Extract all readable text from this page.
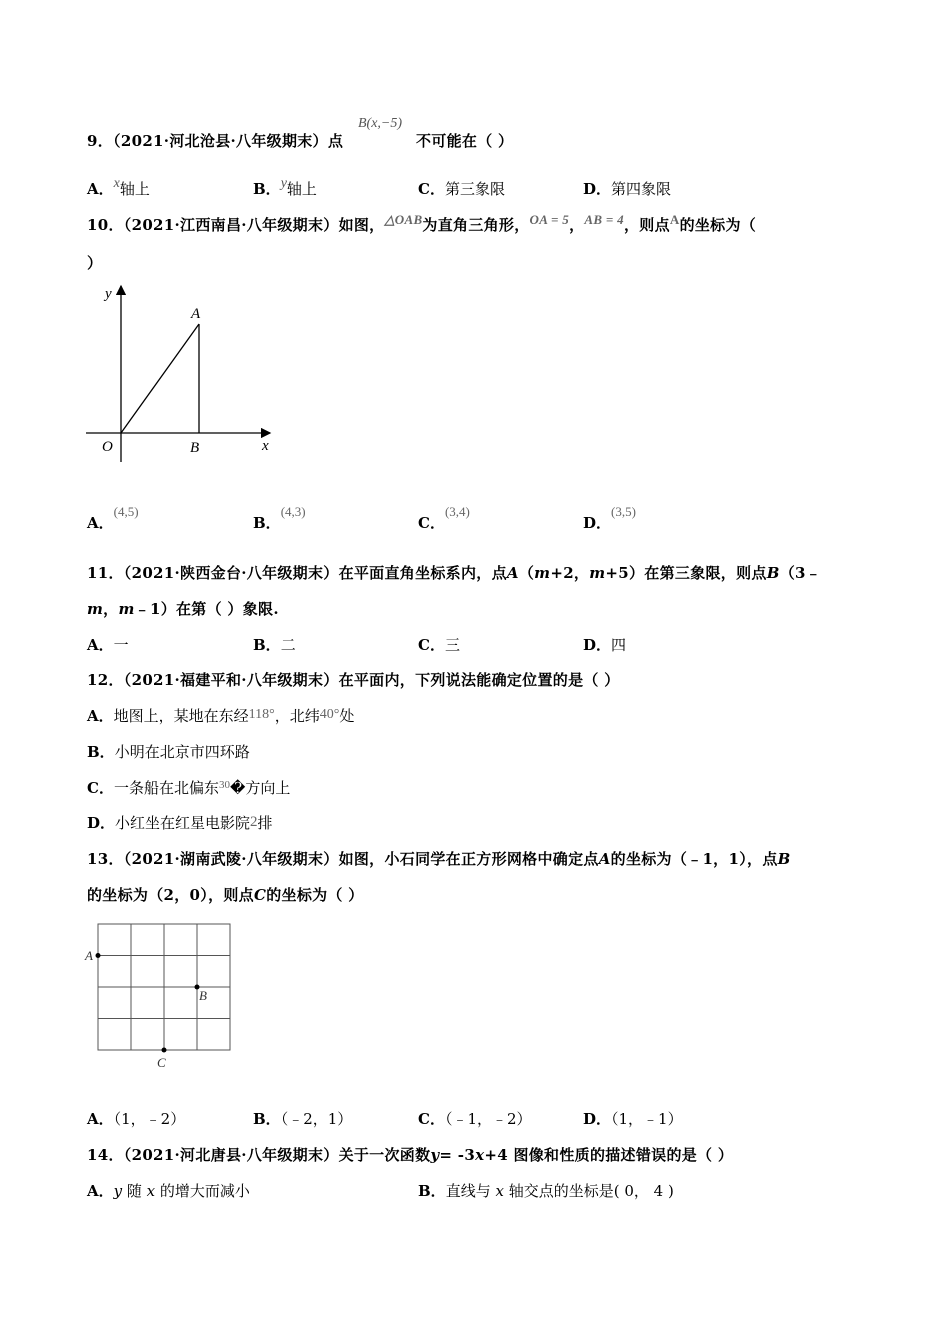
B(x,−5)
9．（2021·河北沧县·八年级期末）点	不可能在（ ）
A．x轴上	B．y轴上	C．第三象限	D．第四象限
10．（2021·江西南昌·八年级期末）如图，△OAB为直角三角形，OA = 5，AB = 4，则点A的坐标为（
）
y
x
O
A
B
A．(4,5)
B．(4,3)
C．(3,4)
D．(3,5)
11．（2021·陕西金台·八年级期末）在平面直角坐标系内，点A（m+2，m+5）在第三象限，则点B（3﹣
m，m﹣1）在第（ ）象限.
A．一	B．二	C．三	D．四
12．（2021·福建平和·八年级期末）在平面内，下列说法能确定位置的是（ ）
A．地图上，某地在东经118°，北纬40°处
B．小明在北京市四环路
C．一条船在北偏东$^{30}$�方向上
D．小红坐在红星电影院2排
13．（2021·湖南武陵·八年级期末）如图，小石同学在正方形网格中确定点A的坐标为（﹣1，1），点B
的坐标为（2，0），则点C的坐标为（ ）
A
B
C
A．（1，﹣2）	B．（﹣2，1）	C．（﹣1，﹣2）	D．（1，﹣1）
14．（2021·河北唐县·八年级期末）关于一次函数y= -3x+4 图像和性质的描述错误的是（ ）
A．y 随 x 的增大而减小	B．直线与 x 轴交点的坐标是( 0， 4 )
